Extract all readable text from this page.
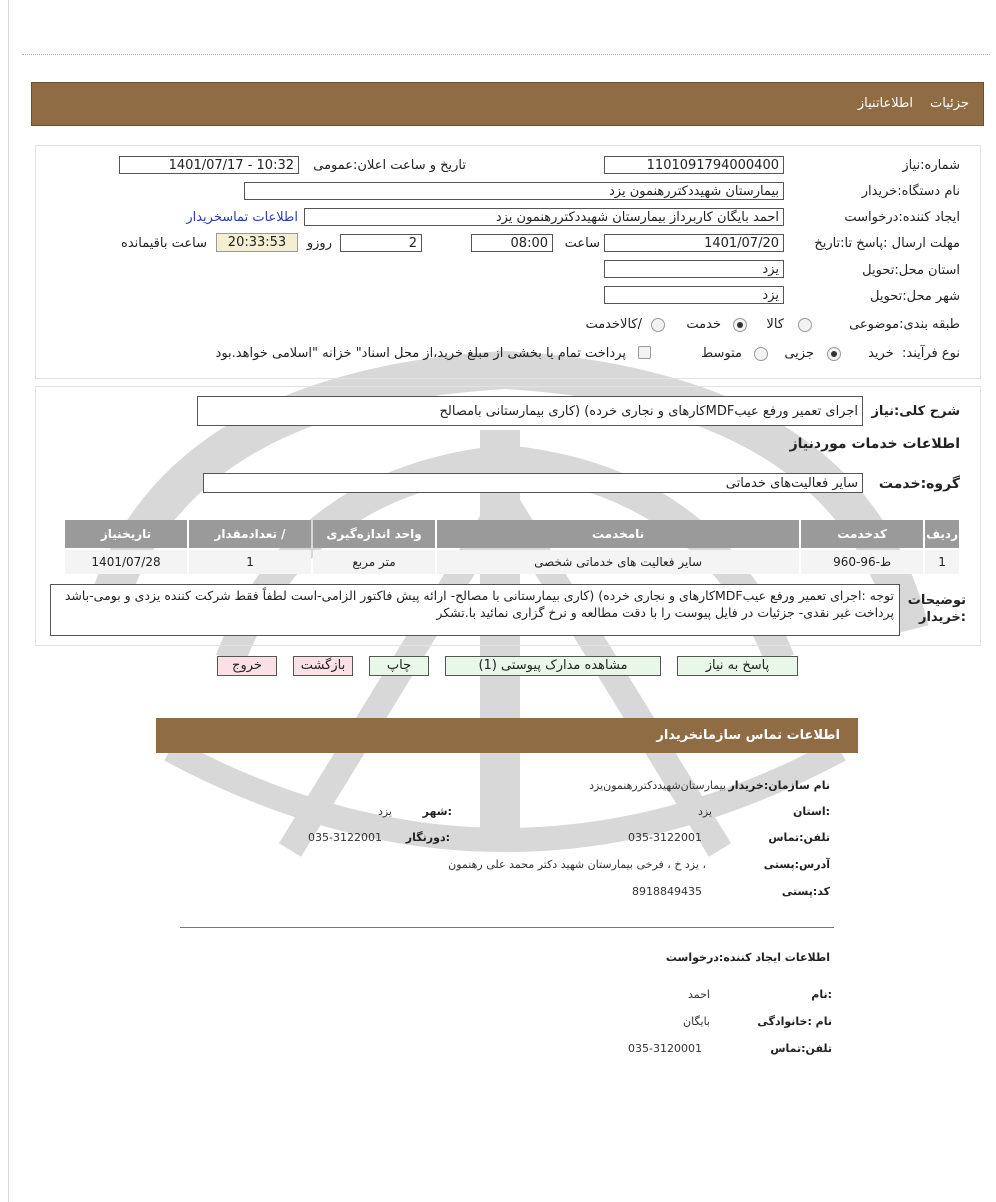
جزئیات
اطلاعاتنیاز
شماره:نیاز
1101091794000400
تاریخ و ساعت اعلان:عمومی
1401/07/17 - 10:32
نام دستگاه:خریدار
بیمارستان شهیددکتررهنمون یزد
ایجاد کننده:درخواست
احمد بایگان کاربرداز بیمارستان شهیددکتررهنمون یزد
اطلاعات تماسخریدار
مهلت ارسال :پاسخ تا:تاریخ
1401/07/20
ساعت
08:00
2
روزو
20:33:53
ساعت باقیمانده
استان محل:تحویل
یزد
شهر محل:تحویل
یزد
طبقه بندی:موضوعی
کالا
خدمت
/کالاخدمت
نوع فرآیند:  خرید
جزیی
متوسط
پرداخت تمام یا بخشی از مبلغ خرید،از محل اسناد" خزانه "اسلامی خواهد.بود
شرح کلی:نیاز
اجرای تعمیر ورفع عیبMDFکارهای و نجاری خرده) (کاری بیمارستانی بامصالح
اطلاعات خدمات موردنیاز
گروه:خدمت
سایر فعالیت‌های خدماتی
ردیف	کدخدمت	نامخدمت	واحد اندازه‌گیری	/ تعدادمقدار	تاریخنیاز
1	ط-96-960	سایر فعالیت های خدماتی شخصی	متر مربع	1	1401/07/28
توضیحات :خریدار
توجه :اجرای تعمیر ورفع عیبMDFکارهای و نجاری خرده) (کاری بیمارستانی با مصالح- ارائه پیش فاکتور الزامی-است لطفاً فقط شرکت کننده یزدی و بومی-باشد پرداخت غیر نقدی- جزئیات در فایل پیوست را با دقت مطالعه و نرخ گزاری نمائید با.تشکر
پاسخ به نیاز
مشاهده مدارک پیوستی (1)
چاپ
بازگشت
خروج
اطلاعات تماس سازمانخریدار
نام سازمان:خریدار
بیمارستان‌شهیددکتررهنمون‌یزد
:استان
یزد
:شهر
یزد
تلفن:تماس
035-3122001
:دورنگار
035-3122001
آدرس:پستی
، یزد خ ، فرخی بیمارستان شهید دکتر محمد علی رهنمون
کد:پستی
8918849435
اطلاعات ایجاد کننده:درخواست
:نام
احمد
نام :خانوادگی
بایگان
تلفن:تماس
035-3120001
